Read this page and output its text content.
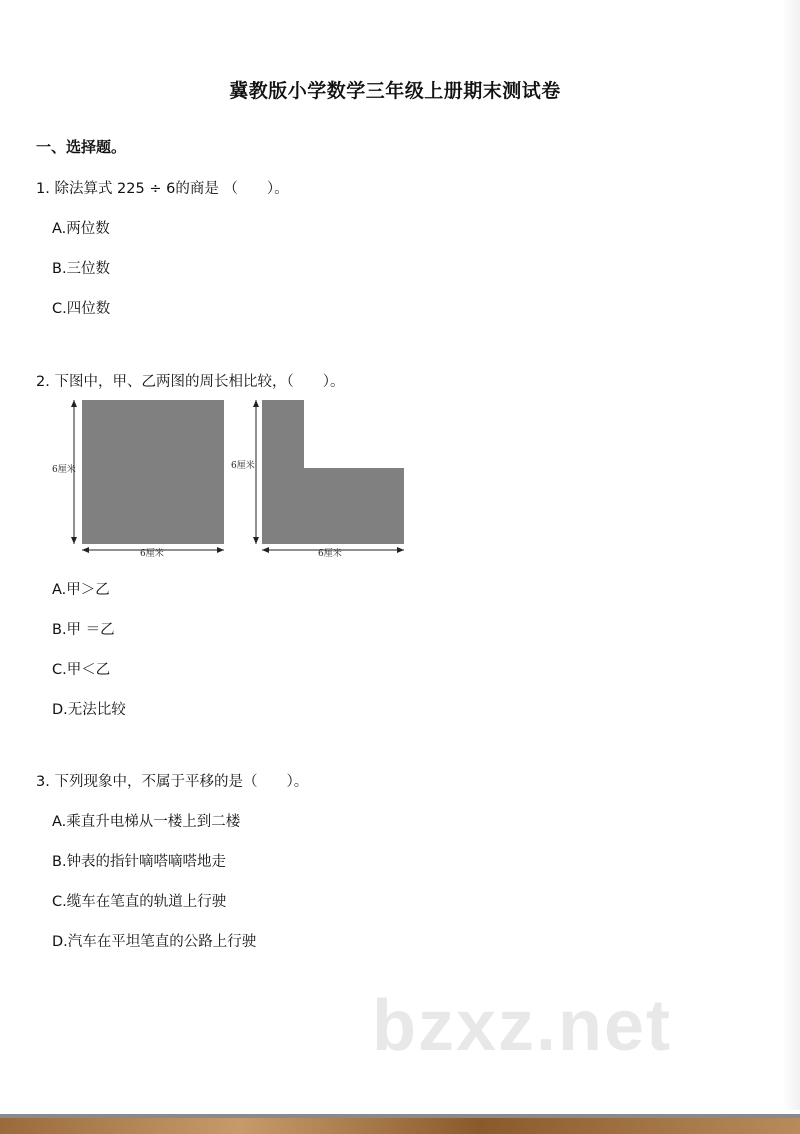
冀教版小学数学三年级上册期末测试卷
一、选择题。
1. 除法算式 225 ÷ 6的商是 （　　）。
A.两位数
B.三位数
C.四位数
2. 下图中，甲、乙两图的周长相比较，（　　）。
6厘米
6厘米
6厘米
6厘米
A.甲＞乙
B.甲 ＝乙
C.甲＜乙
D.无法比较
3. 下列现象中，不属于平移的是（　　）。
A.乘直升电梯从一楼上到二楼
B.钟表的指针嘀嗒嘀嗒地走
C.缆车在笔直的轨道上行驶
D.汽车在平坦笔直的公路上行驶
bzxz.net
